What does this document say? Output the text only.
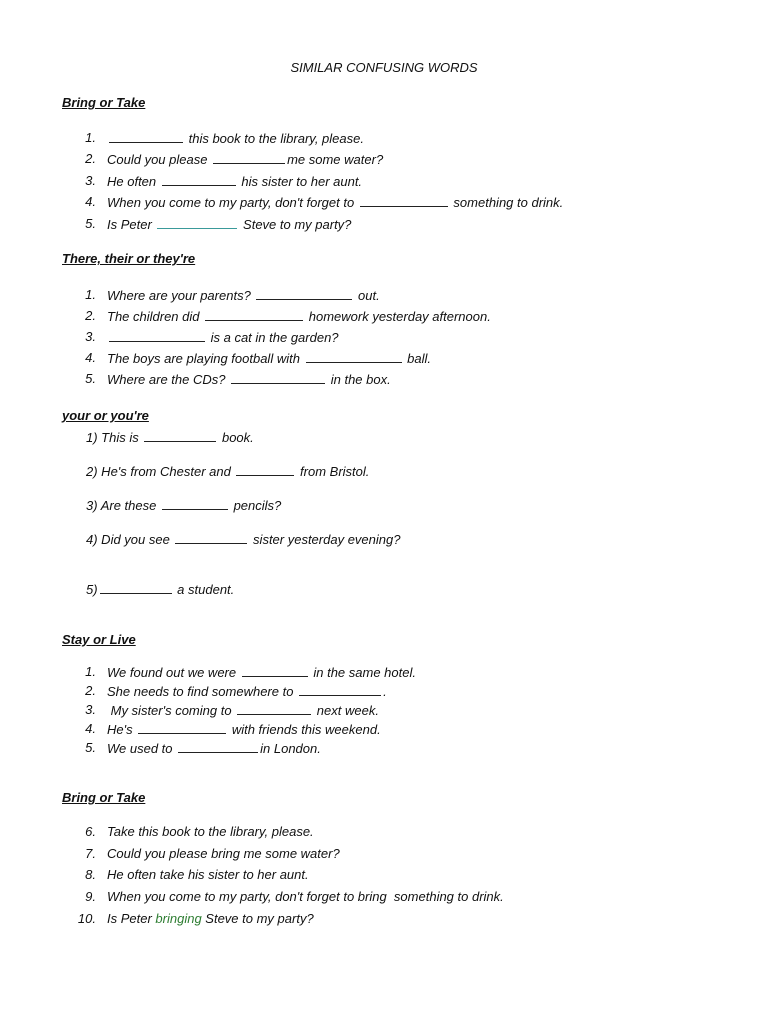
SIMILAR CONFUSING WORDS
Bring or Take
1.	this book to the library, please.
2. Could you please	me some water?
3. He often	his sister to her aunt.
4. When you come to my party, don't forget to	something to drink.
5. Is Peter	Steve to my party?
There, their or they're
1. Where are your parents?	out.
2. The children did	homework yesterday afternoon.
3.	is a cat in the garden?
4. The boys are playing football with	ball.
5. Where are the CDs?	in the box.
your or you're
1) This is	book.
2) He's from Chester and	from Bristol.
3) Are these	pencils?
4) Did you see	sister yesterday evening?
5)	a student.
Stay or Live
1. We found out we were	in the same hotel.
2. She needs to find somewhere to	.
3. My sister's coming to	next week.
4. He's	with friends this weekend.
5. We used to	in London.
Bring or Take
6. Take this book to the library, please.
7. Could you please bring me some water?
8. He often take his sister to her aunt.
9. When you come to my party, don't forget to bring  something to drink.
10. Is Peter bringing Steve to my party?
